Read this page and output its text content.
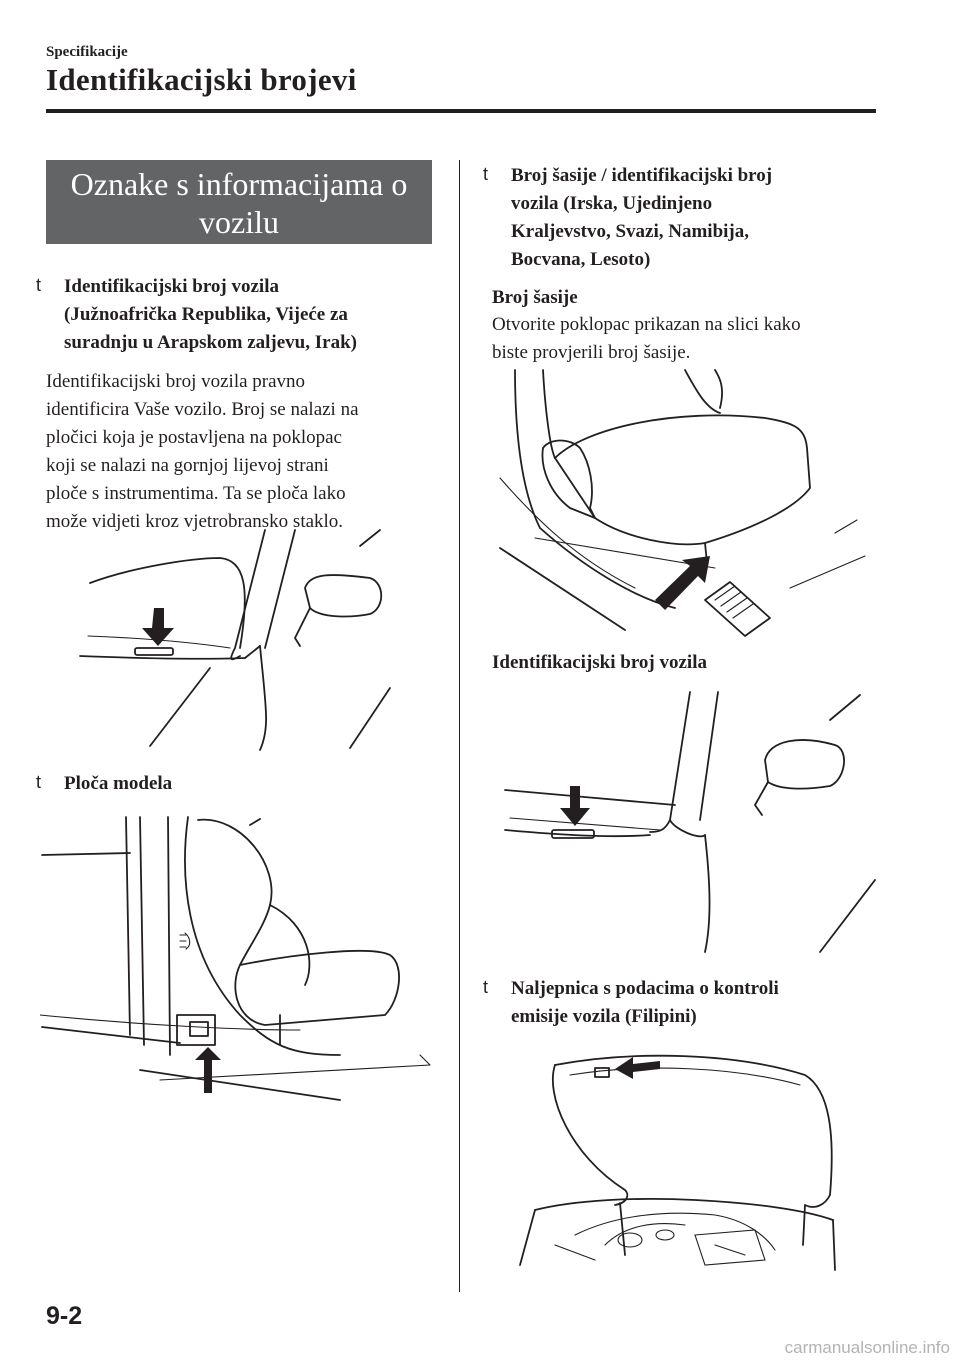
Specifikacije
Identifikacijski brojevi
Oznake s informacijama o
vozilu
t	Identifikacijski broj vozila
(Južnoafrička Republika, Vijeće za
suradnju u Arapskom zaljevu, Irak)
Identifikacijski broj vozila pravno
identificira Vaše vozilo. Broj se nalazi na
pločici koja je postavljena na poklopac
koji se nalazi na gornjoj lijevoj strani
ploče s instrumentima. Ta se ploča lako
može vidjeti kroz vjetrobransko staklo.
t	Ploča modela
t	Broj šasije / identifikacijski broj
vozila (Irska, Ujedinjeno
Kraljevstvo, Svazi, Namibija,
Bocvana, Lesoto)
Broj šasije
Otvorite poklopac prikazan na slici kako
biste provjerili broj šasije.
Identifikacijski broj vozila
t	Naljepnica s podacima o kontroli
emisije vozila (Filipini)
9-2
carmanualsonline.info
